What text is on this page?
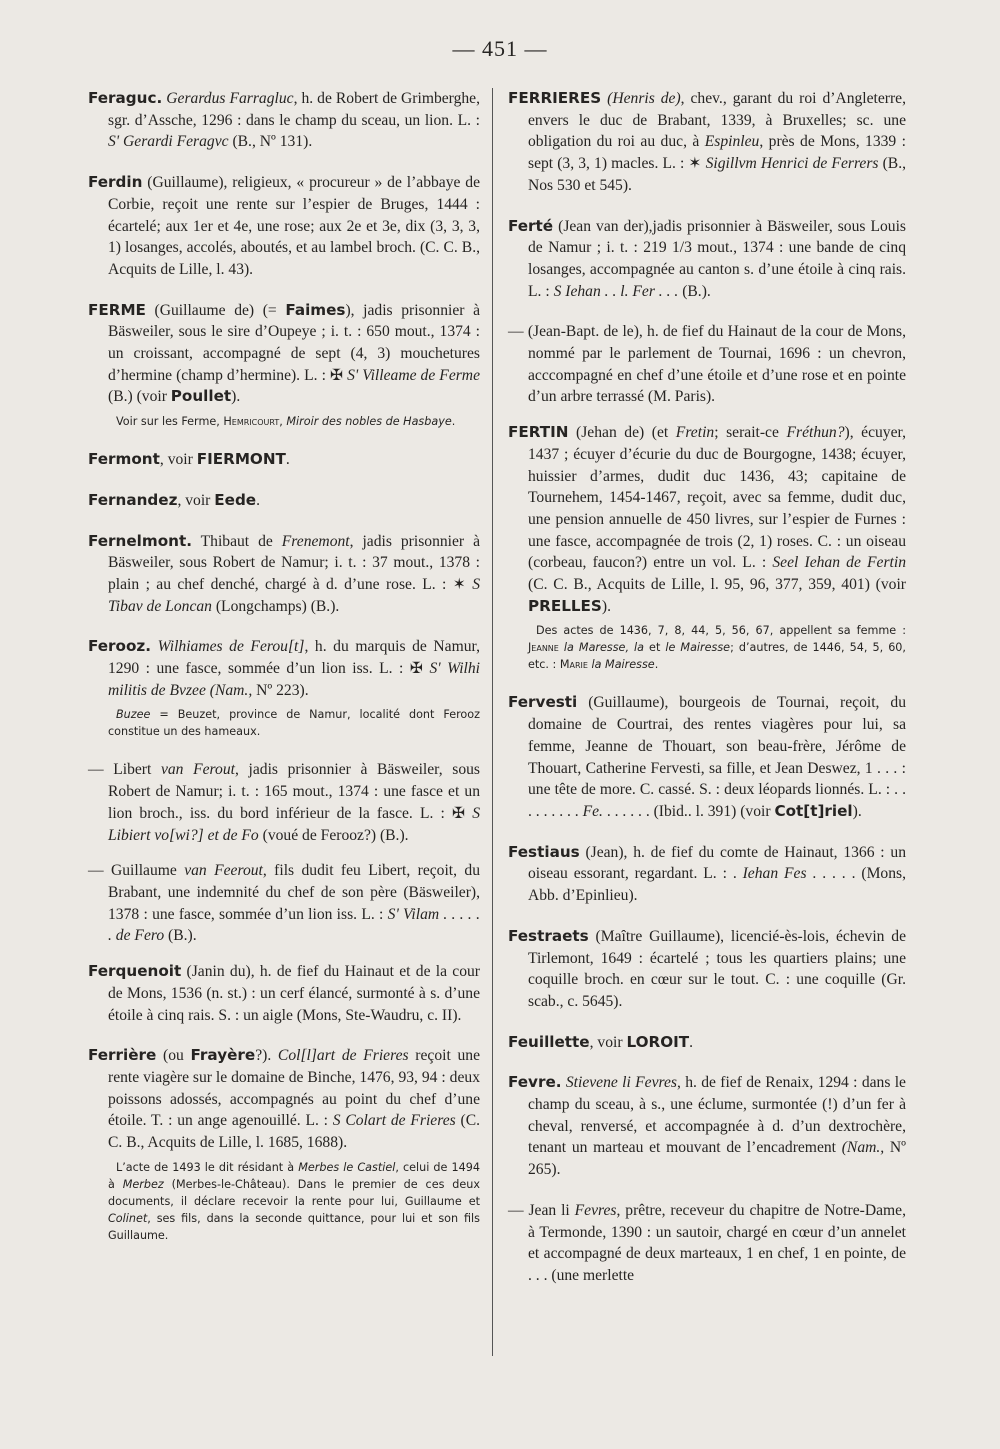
— 451 —
Feraguc. Gerardus Farragluc, h. de Robert de Grimberghe, sgr. d’Assche, 1296 : dans le champ du sceau, un lion. L. : S' Gerardi Feragvc (B., Nº 131).
Ferdin (Guillaume), religieux, « procureur » de l’abbaye de Corbie, reçoit une rente sur l’espier de Bruges, 1444 : écartelé; aux 1er et 4e, une rose; aux 2e et 3e, dix (3, 3, 3, 1) losanges, accolés, aboutés, et au lambel broch. (C. C. B., Acquits de Lille, l. 43).
FERME (Guillaume de) (= Faimes), jadis prisonnier à Bäsweiler, sous le sire d’Oupeye ; i. t. : 650 mout., 1374 : un croissant, accompagné de sept (4, 3) mouchetures d’hermine (champ d’hermine). L. : ✠ S' Villeame de Ferme (B.) (voir Poullet).
Voir sur les Ferme, Hemricourt, Miroir des nobles de Hasbaye.
Fermont, voir FIERMONT.
Fernandez, voir Eede.
Fernelmont. Thibaut de Frenemont, jadis prisonnier à Bäsweiler, sous Robert de Namur; i. t. : 37 mout., 1378 : plain ; au chef denché, chargé à d. d’une rose. L. : ✶ S Tibav de Loncan (Longchamps) (B.).
Ferooz. Wilhiames de Ferou[t], h. du marquis de Namur, 1290 : une fasce, sommée d’un lion iss. L. : ✠ S' Wilhi militis de Bvzee (Nam., Nº 223).
Buzee = Beuzet, province de Namur, localité dont Ferooz constitue un des hameaux.
— Libert van Ferout, jadis prisonnier à Bäsweiler, sous Robert de Namur; i. t. : 165 mout., 1374 : une fasce et un lion broch., iss. du bord inférieur de la fasce. L. : ✠ S Libiert vo[wi?] et de Fo (voué de Ferooz?) (B.).
— Guillaume van Feerout, fils dudit feu Libert, reçoit, du Brabant, une indemnité du chef de son père (Bäsweiler), 1378 : une fasce, sommée d’un lion iss. L. : S' Vilam . . . . . . de Fero (B.).
Ferquenoit (Janin du), h. de fief du Hainaut et de la cour de Mons, 1536 (n. st.) : un cerf élancé, surmonté à s. d’une étoile à cinq rais. S. : un aigle (Mons, Ste-Waudru, c. II).
Ferrière (ou Frayère?). Col[l]art de Frieres reçoit une rente viagère sur le domaine de Binche, 1476, 93, 94 : deux poissons adossés, accompagnés au point du chef d’une étoile. T. : un ange agenouillé. L. : S Colart de Frieres (C. C. B., Acquits de Lille, l. 1685, 1688).
L’acte de 1493 le dit résidant à Merbes le Castiel, celui de 1494 à Merbez (Merbes-le-Château). Dans le premier de ces deux documents, il déclare recevoir la rente pour lui, Guillaume et Colinet, ses fils, dans la seconde quittance, pour lui et son fils Guillaume.
FERRIERES (Henris de), chev., garant du roi d’Angleterre, envers le duc de Brabant, 1339, à Bruxelles; sc. une obligation du roi au duc, à Espinleu, près de Mons, 1339 : sept (3, 3, 1) macles. L. : ✶ Sigillvm Henrici de Ferrers (B., Nos 530 et 545).
Ferté (Jean van der),jadis prisonnier à Bäsweiler, sous Louis de Namur ; i. t. : 219 1/3 mout., 1374 : une bande de cinq losanges, accompagnée au canton s. d’une étoile à cinq rais. L. : S Iehan . . l. Fer . . . (B.).
— (Jean-Bapt. de le), h. de fief du Hainaut de la cour de Mons, nommé par le parlement de Tournai, 1696 : un chevron, acccompagné en chef d’une étoile et d’une rose et en pointe d’un arbre terrassé (M. Paris).
FERTIN (Jehan de) (et Fretin; serait-ce Fréthun?), écuyer, 1437 ; écuyer d’écurie du duc de Bourgogne, 1438; écuyer, huissier d’armes, dudit duc 1436, 43; capitaine de Tournehem, 1454-1467, reçoit, avec sa femme, dudit duc, une pension annuelle de 450 livres, sur l’espier de Furnes : une fasce, accompagnée de trois (2, 1) roses. C. : un oiseau (corbeau, faucon?) entre un vol. L. : Seel Iehan de Fertin (C. C. B., Acquits de Lille, l. 95, 96, 377, 359, 401) (voir PRELLES).
Des actes de 1436, 7, 8, 44, 5, 56, 67, appellent sa femme : Jeanne la Maresse, la et le Mairesse; d’autres, de 1446, 54, 5, 60, etc. : Marie la Mairesse.
Fervesti (Guillaume), bourgeois de Tournai, reçoit, du domaine de Courtrai, des rentes viagères pour lui, sa femme, Jeanne de Thouart, son beau-frère, Jérôme de Thouart, Catherine Fervesti, sa fille, et Jean Deswez, 1 . . . : une tête de more. C. cassé. S. : deux léopards lionnés. L. : . . . . . . . . . Fe. . . . . . . (Ibid.. l. 391) (voir Cot[t]riel).
Festiaus (Jean), h. de fief du comte de Hainaut, 1366 : un oiseau essorant, regardant. L. : . Iehan Fes . . . . . (Mons, Abb. d’Epinlieu).
Festraets (Maître Guillaume), licencié-ès-lois, échevin de Tirlemont, 1649 : écartelé ; tous les quartiers plains; une coquille broch. en cœur sur le tout. C. : une coquille (Gr. scab., c. 5645).
Feuillette, voir LOROIT.
Fevre. Stievene li Fevres, h. de fief de Renaix, 1294 : dans le champ du sceau, à s., une éclume, surmontée (!) d’un fer à cheval, renversé, et accompagnée à d. d’un dextrochère, tenant un marteau et mouvant de l’encadrement (Nam., Nº 265).
— Jean li Fevres, prêtre, receveur du chapitre de Notre-Dame, à Termonde, 1390 : un sautoir, chargé en cœur d’un annelet et accompagné de deux marteaux, 1 en chef, 1 en pointe, de . . . (une merlette
